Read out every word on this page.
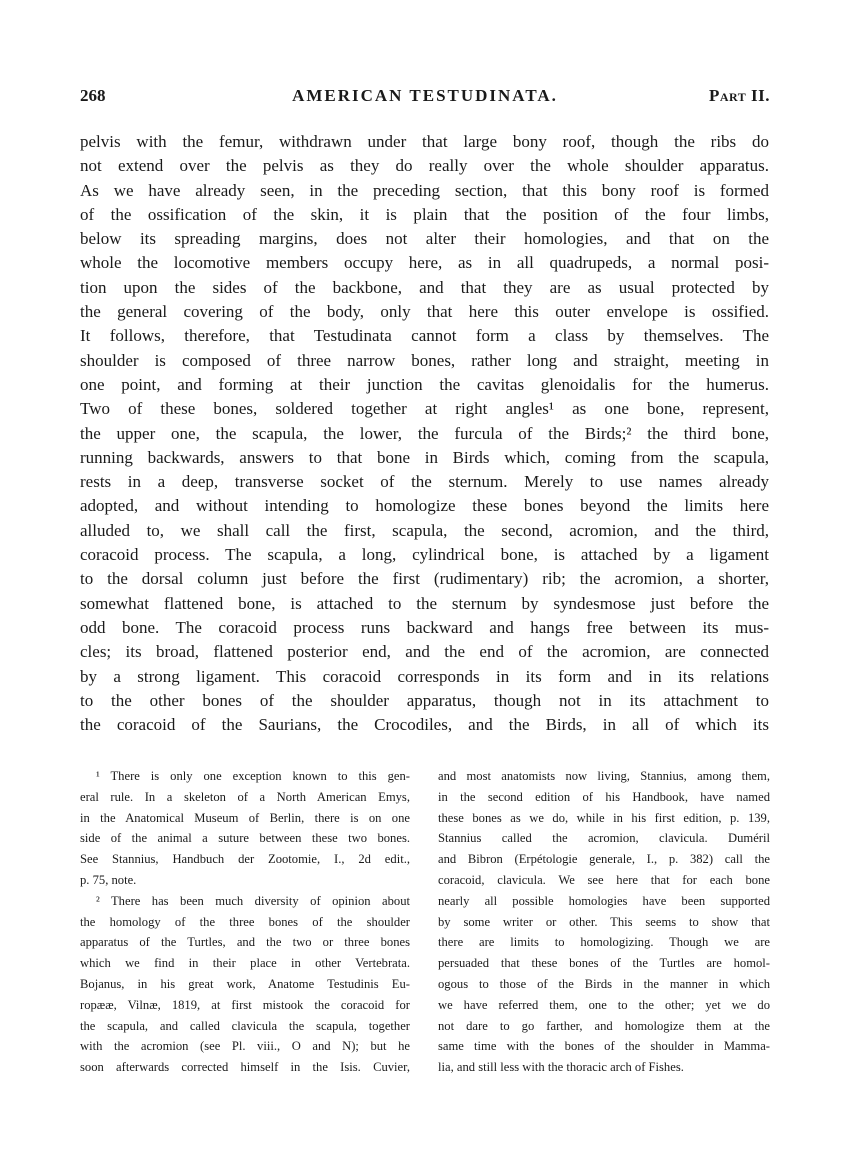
268	AMERICAN TESTUDINATA.	Part II.
pelvis with the femur, withdrawn under that large bony roof, though the ribs do
not extend over the pelvis as they do really over the whole shoulder apparatus.
As we have already seen, in the preceding section, that this bony roof is formed
of the ossification of the skin, it is plain that the position of the four limbs,
below its spreading margins, does not alter their homologies, and that on the
whole the locomotive members occupy here, as in all quadrupeds, a normal posi-
tion upon the sides of the backbone, and that they are as usual protected by
the general covering of the body, only that here this outer envelope is ossified.
It follows, therefore, that Testudinata cannot form a class by themselves. The
shoulder is composed of three narrow bones, rather long and straight, meeting in
one point, and forming at their junction the cavitas glenoidalis for the humerus.
Two of these bones, soldered together at right angles¹ as one bone, represent,
the upper one, the scapula, the lower, the furcula of the Birds;² the third bone,
running backwards, answers to that bone in Birds which, coming from the scapula,
rests in a deep, transverse socket of the sternum. Merely to use names already
adopted, and without intending to homologize these bones beyond the limits here
alluded to, we shall call the first, scapula, the second, acromion, and the third,
coracoid process. The scapula, a long, cylindrical bone, is attached by a ligament
to the dorsal column just before the first (rudimentary) rib; the acromion, a shorter,
somewhat flattened bone, is attached to the sternum by syndesmose just before the
odd bone. The coracoid process runs backward and hangs free between its mus-
cles; its broad, flattened posterior end, and the end of the acromion, are connected
by a strong ligament. This coracoid corresponds in its form and in its relations
to the other bones of the shoulder apparatus, though not in its attachment to
the coracoid of the Saurians, the Crocodiles, and the Birds, in all of which its
¹ There is only one exception known to this gen-
eral rule. In a skeleton of a North American Emys,
in the Anatomical Museum of Berlin, there is on one
side of the animal a suture between these two bones.
See Stannius, Handbuch der Zootomie, I., 2d edit.,
p. 75, note.
² There has been much diversity of opinion about
the homology of the three bones of the shoulder
apparatus of the Turtles, and the two or three bones
which we find in their place in other Vertebrata.
Bojanus, in his great work, Anatome Testudinis Eu-
ropææ, Vilnæ, 1819, at first mistook the coracoid for
the scapula, and called clavicula the scapula, together
with the acromion (see Pl. viii., O and N); but he
soon afterwards corrected himself in the Isis. Cuvier,
and most anatomists now living, Stannius, among them,
in the second edition of his Handbook, have named
these bones as we do, while in his first edition, p. 139,
Stannius called the acromion, clavicula. Duméril
and Bibron (Erpétologie generale, I., p. 382) call the
coracoid, clavicula. We see here that for each bone
nearly all possible homologies have been supported
by some writer or other. This seems to show that
there are limits to homologizing. Though we are
persuaded that these bones of the Turtles are homol-
ogous to those of the Birds in the manner in which
we have referred them, one to the other; yet we do
not dare to go farther, and homologize them at the
same time with the bones of the shoulder in Mamma-
lia, and still less with the thoracic arch of Fishes.
